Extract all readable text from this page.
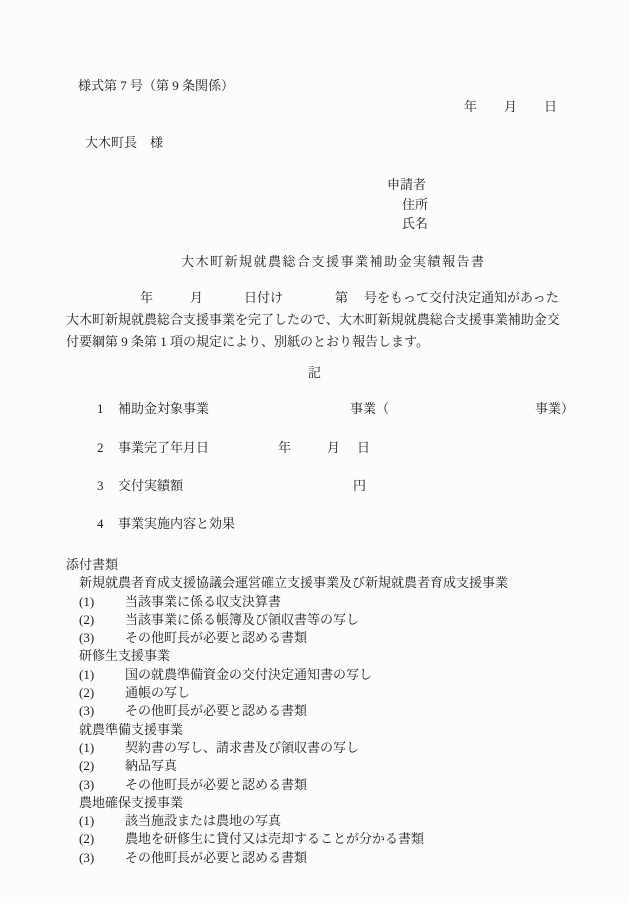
様式第 7 号（第 9 条関係）
年 月 日
大木町長　様
申請者
住所
氏名
大木町新規就農総合支援事業補助金実績報告書
年	月	日付け	第 号をもって交付決定通知があった
大木町新規就農総合支援事業を完了したので、大木町新規就農総合支援事業補助金交
付要綱第 9 条第 1 項の規定により、別紙のとおり報告します。
記
1 補助金対象事業	事業（	事業）
2 事業完了年月日	年	月 日
3 交付実績額	円
4 事業実施内容と効果
添付書類
新規就農者育成支援協議会運営確立支援事業及び新規就農者育成支援事業
(1) 当該事業に係る収支決算書
(2) 当該事業に係る帳簿及び領収書等の写し
(3) その他町長が必要と認める書類
研修生支援事業
(1) 国の就農準備資金の交付決定通知書の写し
(2) 通帳の写し
(3) その他町長が必要と認める書類
就農準備支援事業
(1) 契約書の写し、請求書及び領収書の写し
(2) 納品写真
(3) その他町長が必要と認める書類
農地確保支援事業
(1) 該当施設または農地の写真
(2) 農地を研修生に貸付又は売却することが分かる書類
(3) その他町長が必要と認める書類
